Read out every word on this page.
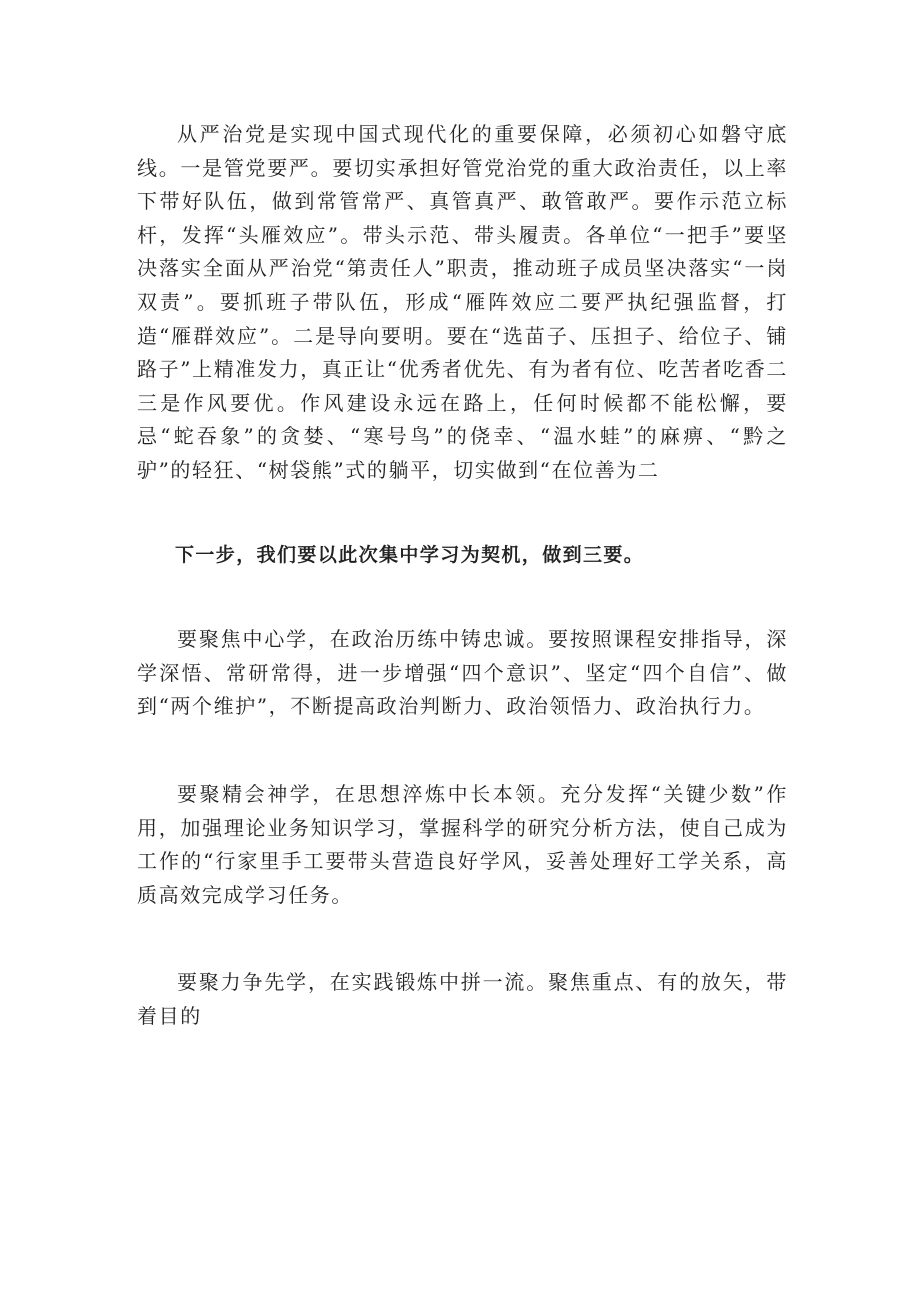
从严治党是实现中国式现代化的重要保障，必须初心如磐守底线。一是管党要严。要切实承担好管党治党的重大政治责任，以上率下带好队伍，做到常管常严、真管真严、敢管敢严。要作示范立标杆，发挥“头雁效应”。带头示范、带头履责。各单位“一把手”要坚决落实全面从严治党“第责任人”职责，推动班子成员坚决落实“一岗双责”。要抓班子带队伍，形成“雁阵效应二要严执纪强监督，打造“雁群效应”。二是导向要明。要在“选苗子、压担子、给位子、铺路子”上精准发力，真正让“优秀者优先、有为者有位、吃苦者吃香二三是作风要优。作风建设永远在路上，任何时候都不能松懈，要忌“蛇吞象”的贪婪、“寒号鸟”的侥幸、“温水蛙”的麻痹、“黔之驴”的轻狂、“树袋熊”式的躺平，切实做到“在位善为二

下一步，我们要以此次集中学习为契机，做到三要。

要聚焦中心学，在政治历练中铸忠诚。要按照课程安排指导，深学深悟、常研常得，进一步增强“四个意识”、坚定“四个自信”、做到“两个维护”，不断提高政治判断力、政治领悟力、政治执行力。

要聚精会神学，在思想淬炼中长本领。充分发挥“关键少数”作用，加强理论业务知识学习，掌握科学的研究分析方法，使自己成为工作的“行家里手工要带头营造良好学风，妥善处理好工学关系，高质高效完成学习任务。

要聚力争先学，在实践锻炼中拼一流。聚焦重点、有的放矢，带着目的
